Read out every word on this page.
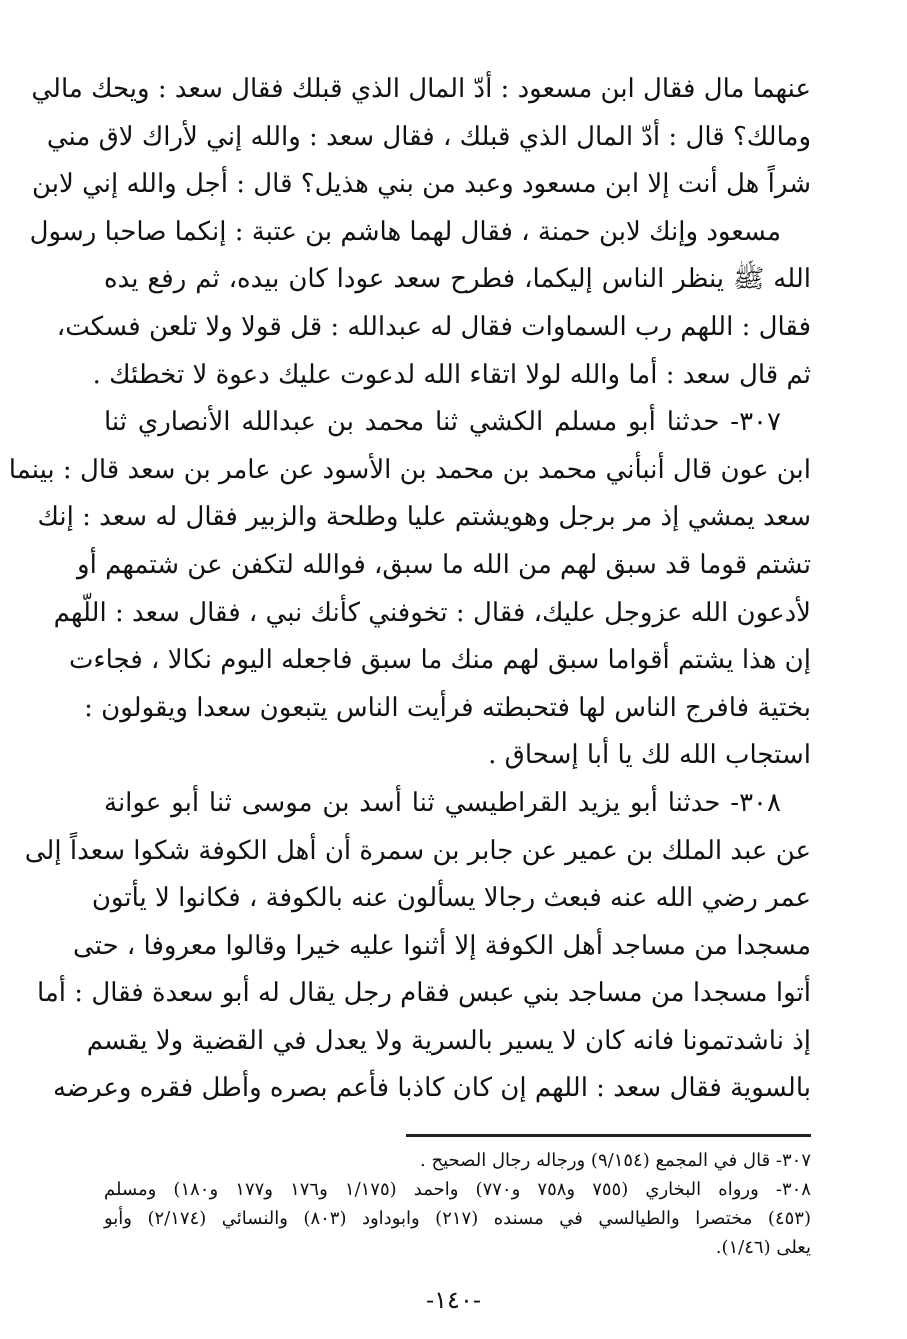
عنهما مال فقال ابن مسعود : أدّ المال الذي قبلك فقال سعد : ويحك مالي
ومالك؟ قال : أدّ المال الذي قبلك ، فقال سعد : والله إني لأراك لاق مني
شراً هل أنت إلا ابن مسعود وعبد من بني هذيل؟ قال : أجل والله إني لابن
مسعود وإنك لابن حمنة ، فقال لهما هاشم بن عتبة : إنكما صاحبا رسول
الله ﷺ ينظر الناس إليكما، فطرح سعد عودا كان بيده، ثم رفع يده
فقال : اللهم رب السماوات فقال له عبدالله : قل قولا ولا تلعن فسكت،
ثم قال سعد : أما والله لولا اتقاء الله لدعوت عليك دعوة لا تخطئك .
٣٠٧- حدثنا أبو مسلم الكشي ثنا محمد بن عبدالله الأنصاري ثنا
ابن عون قال أنبأني محمد بن محمد بن الأسود عن عامر بن سعد قال : بينما
سعد يمشي إذ مر برجل وهويشتم عليا وطلحة والزبير فقال له سعد : إنك
تشتم قوما قد سبق لهم من الله ما سبق، فوالله لتكفن عن شتمهم أو
لأدعون الله عزوجل عليك، فقال : تخوفني كأنك نبي ، فقال سعد : اللّهم
إن هذا يشتم أقواما سبق لهم منك ما سبق فاجعله اليوم نكالا ، فجاءت
بختية فافرج الناس لها فتحبطته فرأيت الناس يتبعون سعدا ويقولون :
استجاب الله لك يا أبا إسحاق .
٣٠٨- حدثنا أبو يزيد القراطيسي ثنا أسد بن موسى ثنا أبو عوانة
عن عبد الملك بن عمير عن جابر بن سمرة أن أهل الكوفة شكوا سعداً إلى
عمر رضي الله عنه فبعث رجالا يسألون عنه بالكوفة ، فكانوا لا يأتون
مسجدا من مساجد أهل الكوفة إلا أثنوا عليه خيرا وقالوا معروفا ، حتى
أتوا مسجدا من مساجد بني عبس فقام رجل يقال له أبو سعدة فقال : أما
إذ ناشدتمونا فانه كان لا يسير بالسرية ولا يعدل في القضية ولا يقسم
بالسوية فقال سعد : اللهم إن كان كاذبا فأعم بصره وأطل فقره وعرضه
٣٠٧- قال في المجمع (٩/١٥٤) ورجاله رجال الصحيح .
٣٠٨- ورواه البخاري (٧٥٥ و٧٥٨ و٧٧٠) واحمد (١/١٧٥ و١٧٦ و١٧٧ و١٨٠) ومسلم
(٤٥٣) مختصرا والطيالسي في مسنده (٢١٧) وابوداود (٨٠٣) والنسائي (٢/١٧٤) وأبو
يعلى (١/٤٦).
-١٤٠-
